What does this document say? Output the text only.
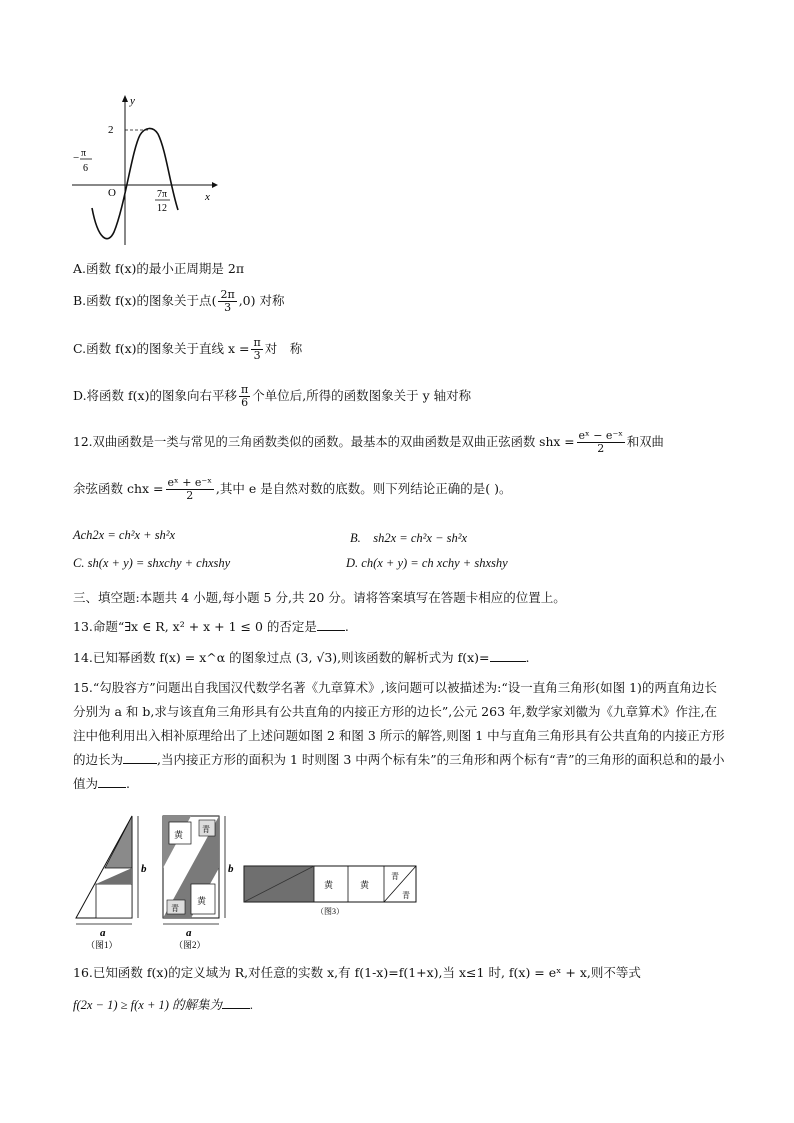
y
x
O
2
− π
6
7π
12
A.函数 f(x)的最小正周期是 2π
B.函数 f(x)的图象关于点( $\frac{2\pi}{3} ,0$) 对称
C.函数 f(x)的图象关于直线 $x = \frac{\pi}{3}$ 对　称
D.将函数 f(x)的图象向右平移 $\frac{\pi}{6}$ 个单位后,所得的函数图象关于 y 轴对称
12.双曲函数是一类与常见的三角函数类似的函数。最基本的双曲函数是双曲正弦函数 shx = $\frac{\text{eˣ − e⁻ˣ}}{2}$ 和双曲
余弦函数 chx = $\frac{\text{eˣ + e⁻ˣ}}{2}$ ,其中 e 是自然对数的底数。则下列结论正确的是( )。
Ach2x = ch²x + sh²x	B.　sh2x = ch²x − sh²x
C. sh(x + y) = shxchy + chxshy	D. ch(x + y) = ch xchy + shxshy
三、填空题:本题共 4 小题,每小题 5 分,共 20 分。请将答案填写在答题卡相应的位置上。
13.命题“∃x ∈ R, x² + x + 1 ≤ 0 的否定是 .
14.已知幂函数 f(x) = x^α 的图象过点 (3, √3),则该函数的解析式为 f(x)=	.
15.“勾股容方”问题出自我国汉代数学名著《九章算术》,该问题可以被描述为:“设一直角三角形(如图 1)的两直角边长分别为 a 和 b,求与该直角三角形具有公共直角的内接正方形的边长”,公元 263 年,数学家刘徽为《九章算术》作注,在注中他利用出入相补原理给出了上述问题如图 2 和图 3 所示的解答,则图 1 中与直角三角形具有公共直角的内接正方形的边长为	,当内接正方形的面积为 1 时则图 3 中两个标有朱”的三角形和两个标有“青”的三角形的面积总和的最小值为 .
b
a
（图1）
黄
青
黄
青
b
a
（图2）
黄	黄
青
青
（图3）
16.已知函数 f(x)的定义域为 R,对任意的实数 x,有 f(1-x)=f(1+x),当 x≤1 时, f(x) = eˣ + x,则不等式
f(2x − 1) ≥ f(x + 1) 的解集为 .
